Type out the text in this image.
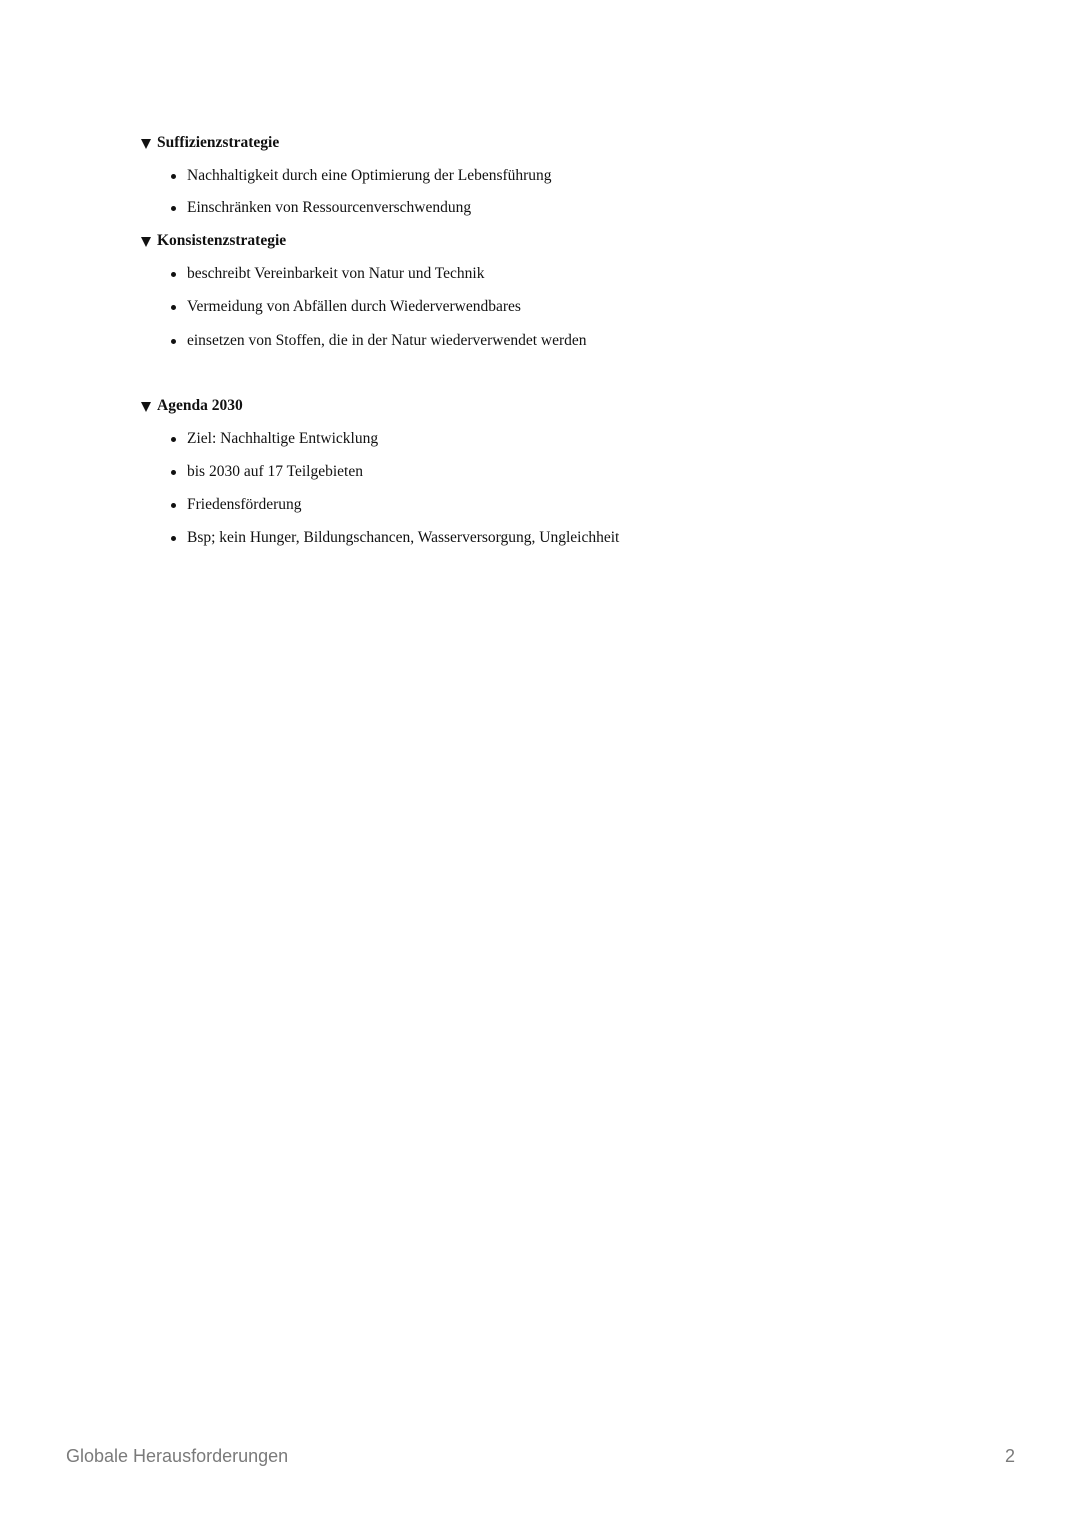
Suffizienzstrategie
Nachhaltigkeit durch eine Optimierung der Lebensführung
Einschränken von Ressourcenverschwendung
Konsistenzstrategie
beschreibt Vereinbarkeit von Natur und Technik
Vermeidung von Abfällen durch Wiederverwendbares
einsetzen von Stoffen, die in der Natur wiederverwendet werden
Agenda 2030
Ziel: Nachhaltige Entwicklung
bis 2030 auf 17 Teilgebieten
Friedensförderung
Bsp; kein Hunger, Bildungschancen, Wasserversorgung, Ungleichheit
Globale Herausforderungen	2
